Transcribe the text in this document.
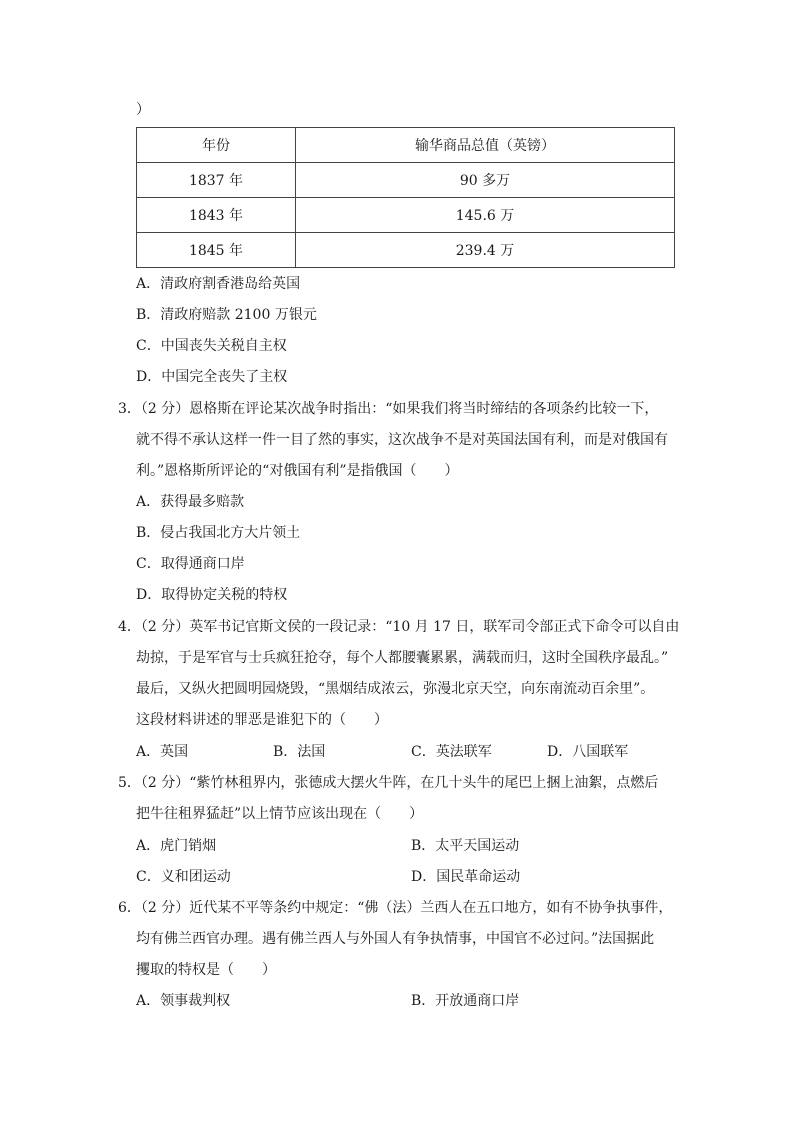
）
年份	输华商品总值（英镑）
1837 年	90 多万
1843 年	145.6 万
1845 年	239.4 万
A．清政府割香港岛给英国
B．清政府赔款 2100 万银元
C．中国丧失关税自主权
D．中国完全丧失了主权
3．（2 分）恩格斯在评论某次战争时指出：“如果我们将当时缔结的各项条约比较一下，
就不得不承认这样一件一目了然的事实，这次战争不是对英国法国有利，而是对俄国有
利。”恩格斯所评论的“对俄国有利”是指俄国（　　）
A．获得最多赔款
B．侵占我国北方大片领土
C．取得通商口岸
D．取得协定关税的特权
4．（2 分）英军书记官斯文侯的一段记录：“10 月 17 日，联军司令部正式下命令可以自由
劫掠，于是军官与士兵疯狂抢夺，每个人都腰囊累累，满载而归，这时全国秩序最乱。”
最后，又纵火把圆明园烧毁，“黑烟结成浓云，弥漫北京天空，向东南流动百余里”。
这段材料讲述的罪恶是谁犯下的（　　）
A．英国	B．法国	C．英法联军	D．八国联军
5．（2 分）“紫竹林租界内，张德成大摆火牛阵，在几十头牛的尾巴上捆上油絮，点燃后
把牛往租界猛赶”以上情节应该出现在（　　）
A．虎门销烟	B．太平天国运动
C．义和团运动	D．国民革命运动
6．（2 分）近代某不平等条约中规定：“佛（法）兰西人在五口地方，如有不协争执事件，
均有佛兰西官办理。遇有佛兰西人与外国人有争执情事，中国官不必过问。”法国据此
攫取的特权是（　　）
A．领事裁判权	B．开放通商口岸
